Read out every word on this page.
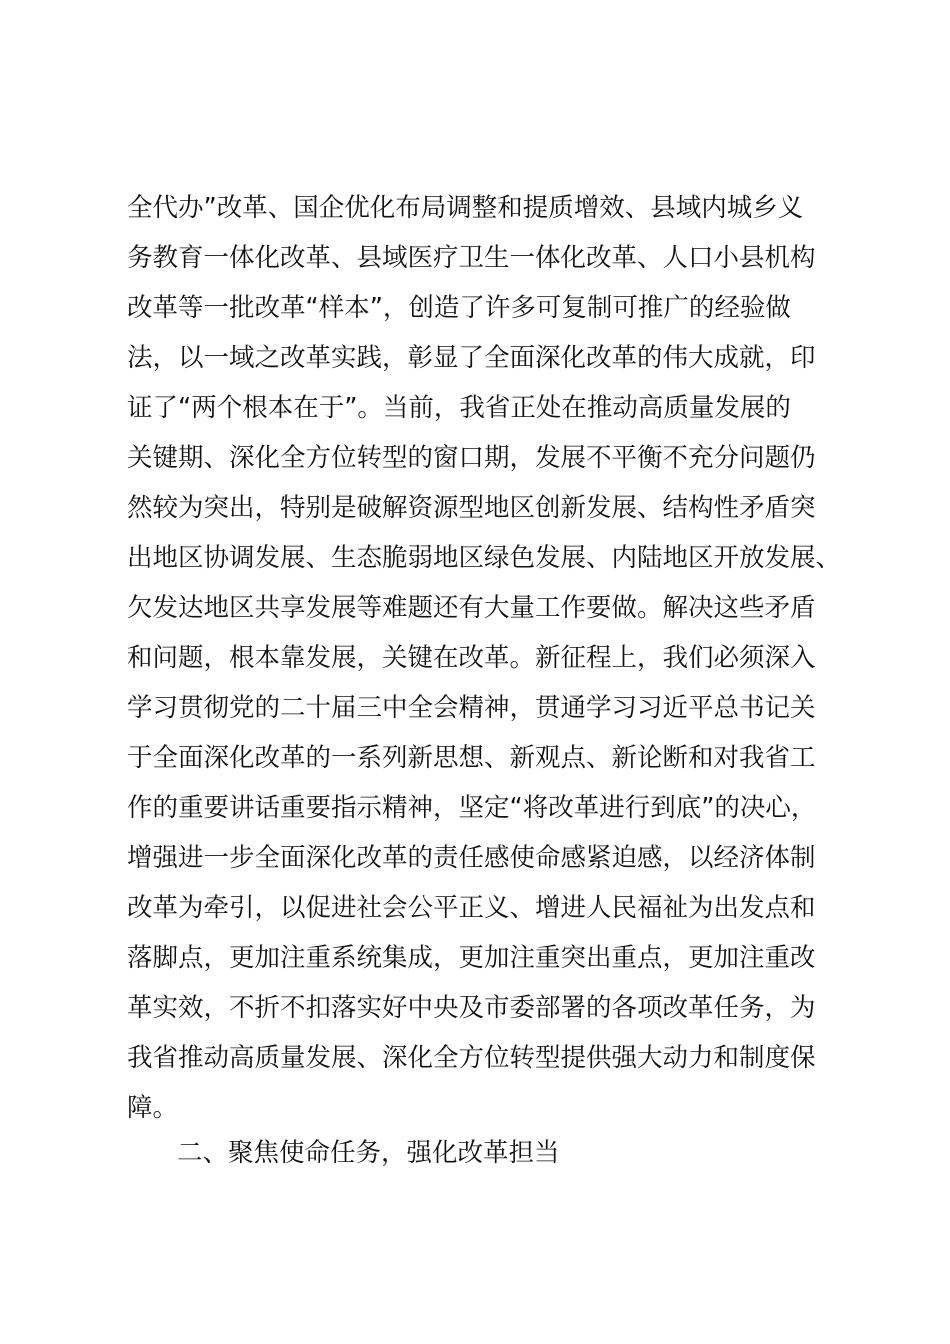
全代办”改革、国企优化布局调整和提质增效、县域内城乡义
务教育一体化改革、县域医疗卫生一体化改革、人口小县机构
改革等一批改革“样本”，创造了许多可复制可推广的经验做
法，以一域之改革实践，彰显了全面深化改革的伟大成就，印
证了“两个根本在于”。当前，我省正处在推动高质量发展的
关键期、深化全方位转型的窗口期，发展不平衡不充分问题仍
然较为突出，特别是破解资源型地区创新发展、结构性矛盾突
出地区协调发展、生态脆弱地区绿色发展、内陆地区开放发展、
欠发达地区共享发展等难题还有大量工作要做。解决这些矛盾
和问题，根本靠发展，关键在改革。新征程上，我们必须深入
学习贯彻党的二十届三中全会精神，贯通学习习近平总书记关
于全面深化改革的一系列新思想、新观点、新论断和对我省工
作的重要讲话重要指示精神，坚定“将改革进行到底”的决心，
增强进一步全面深化改革的责任感使命感紧迫感，以经济体制
改革为牵引，以促进社会公平正义、增进人民福祉为出发点和
落脚点，更加注重系统集成，更加注重突出重点，更加注重改
革实效，不折不扣落实好中央及市委部署的各项改革任务，为
我省推动高质量发展、深化全方位转型提供强大动力和制度保
障。
二、聚焦使命任务，强化改革担当
